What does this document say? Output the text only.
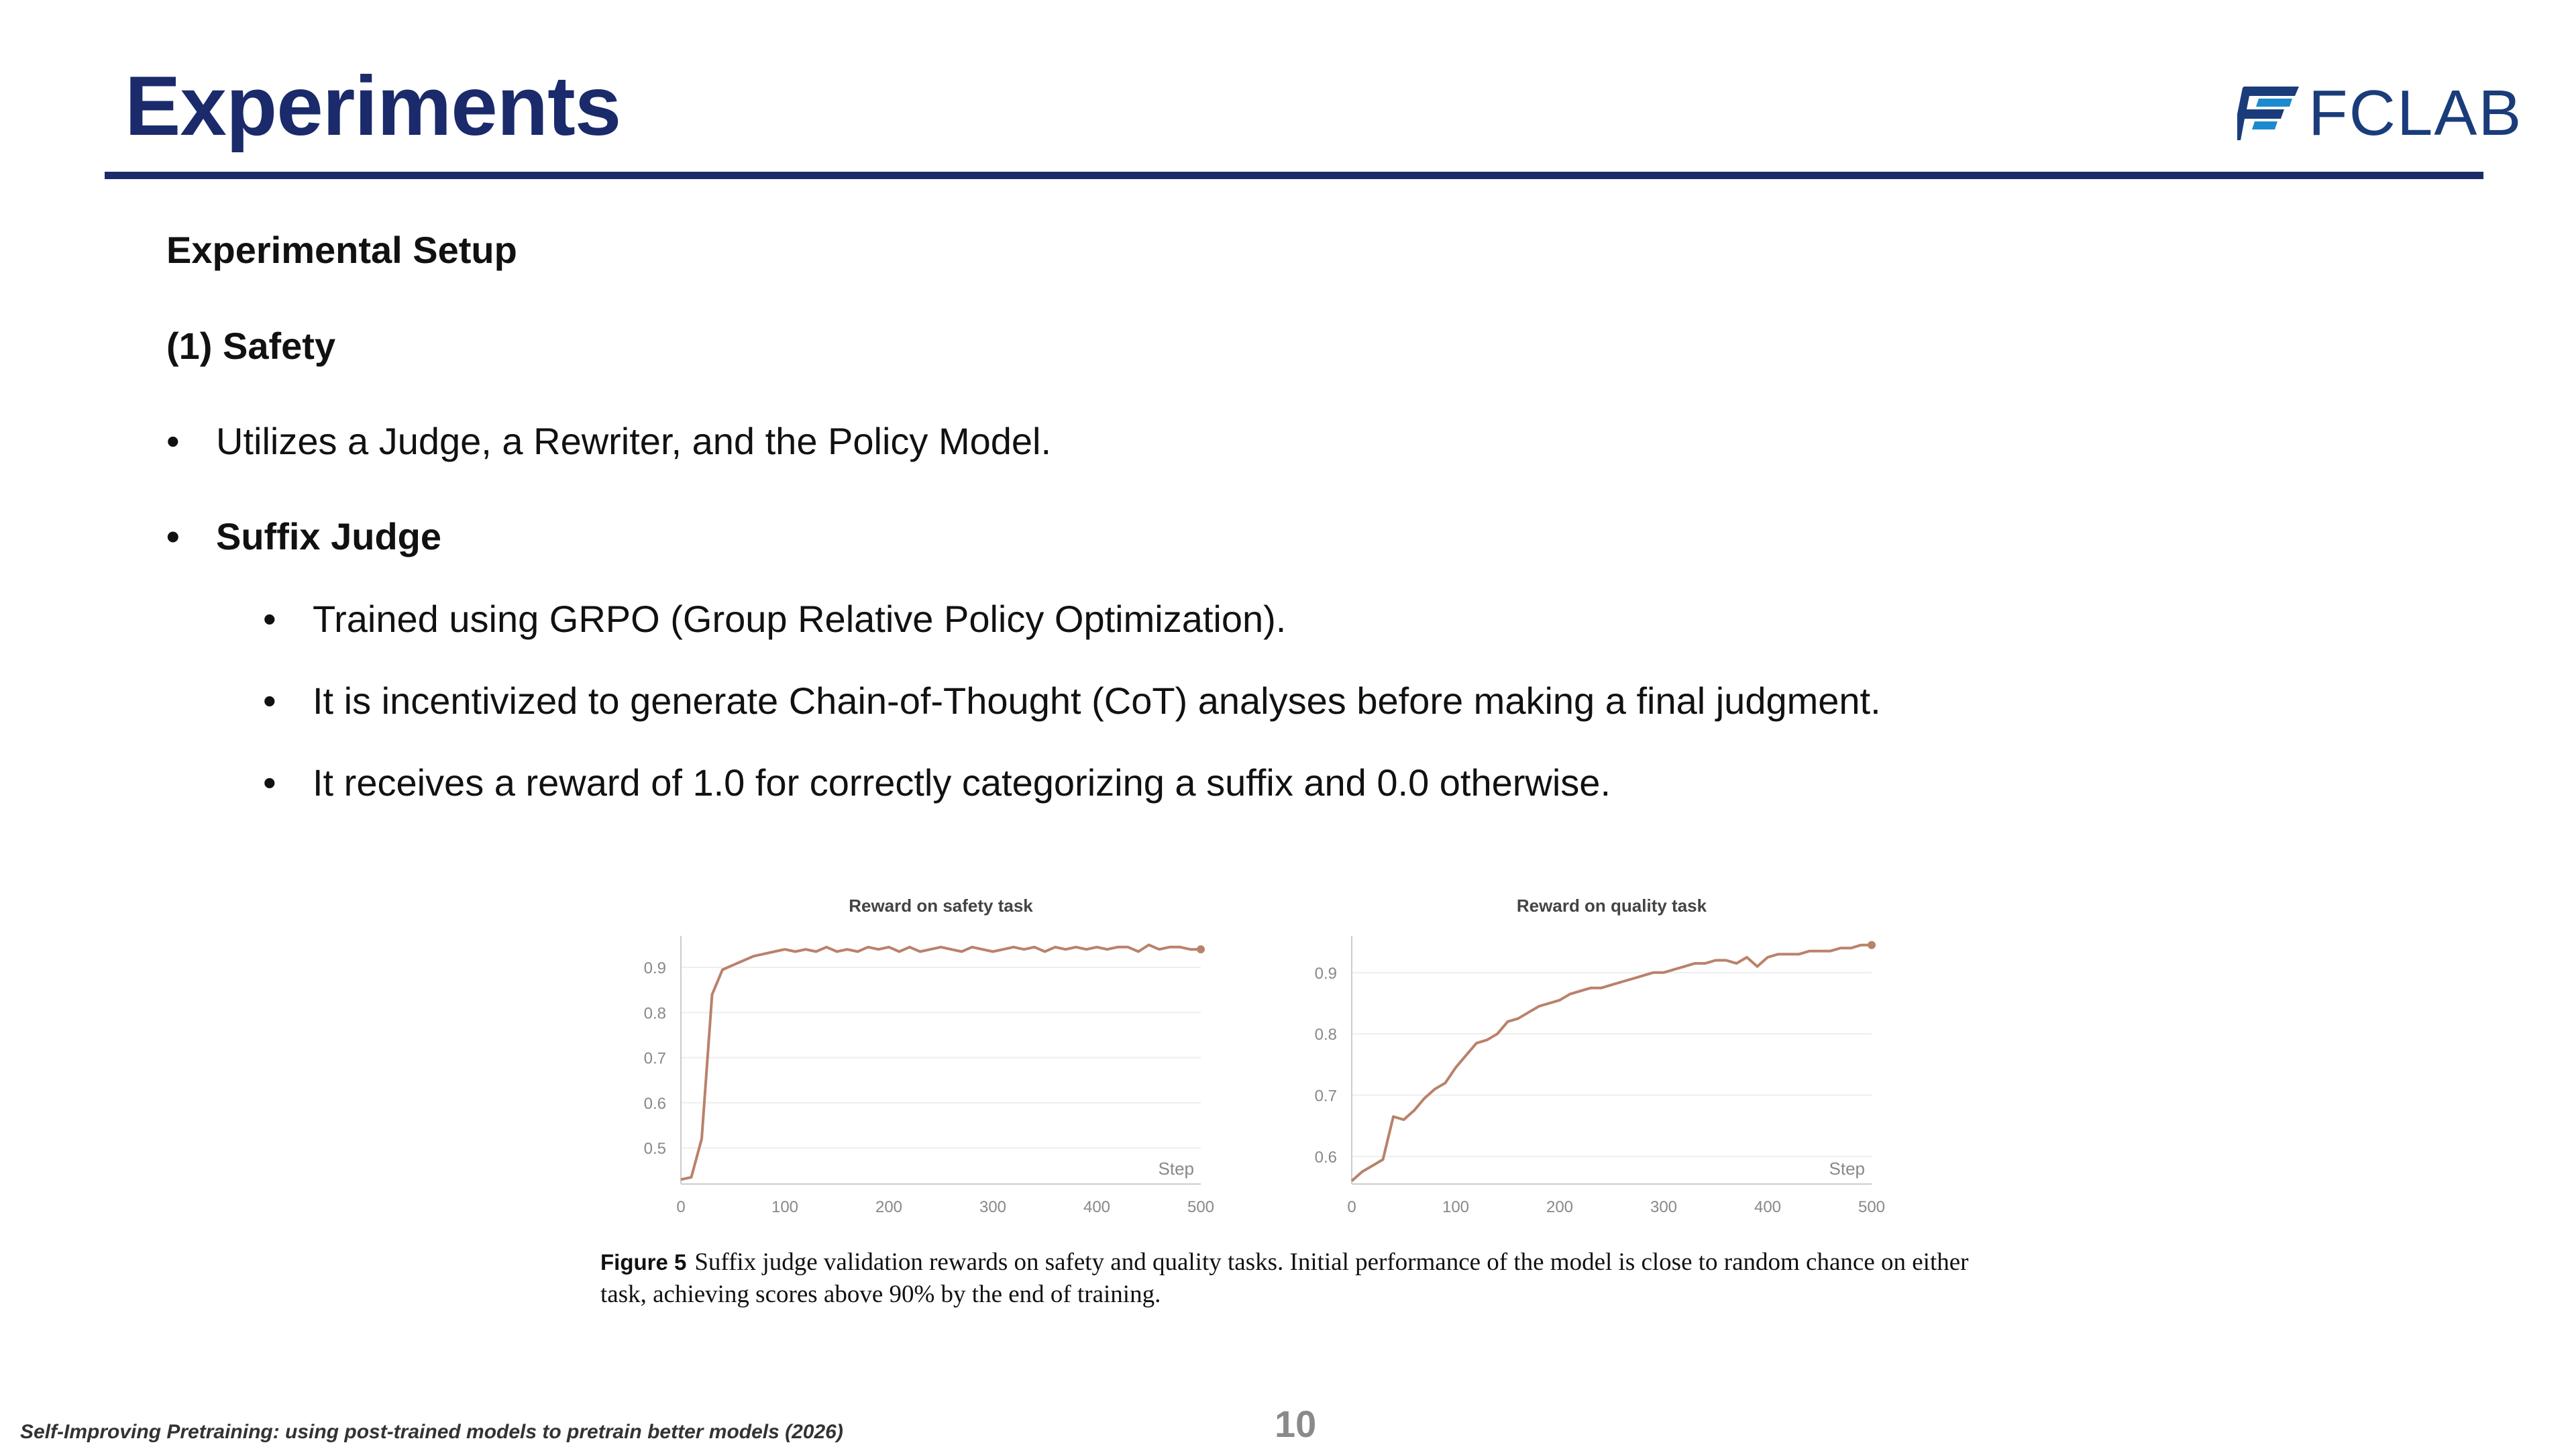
Experiments	FCLAB
Experimental Setup
(1) Safety
• Utilizes a Judge, a Rewriter, and the Policy Model.
• Suffix Judge
• Trained using GRPO (Group Relative Policy Optimization).
• It is incentivized to generate Chain-of-Thought (CoT) analyses before making a final judgment.
• It receives a reward of 1.0 for correctly categorizing a suffix and 0.0 otherwise.
Reward on safety task
0.5
0.6
0.7
0.8
0.9
0	100	200	300	400	500
Step
Reward on quality task
0.6
0.7
0.8
0.9
0	100	200	300	400	500
Step
Figure 5 Suffix judge validation rewards on safety and quality tasks. Initial performance of the model is close to random chance on either task, achieving scores above 90% by the end of training.
Self-Improving Pretraining: using post-trained models to pretrain better models (2026)	10
